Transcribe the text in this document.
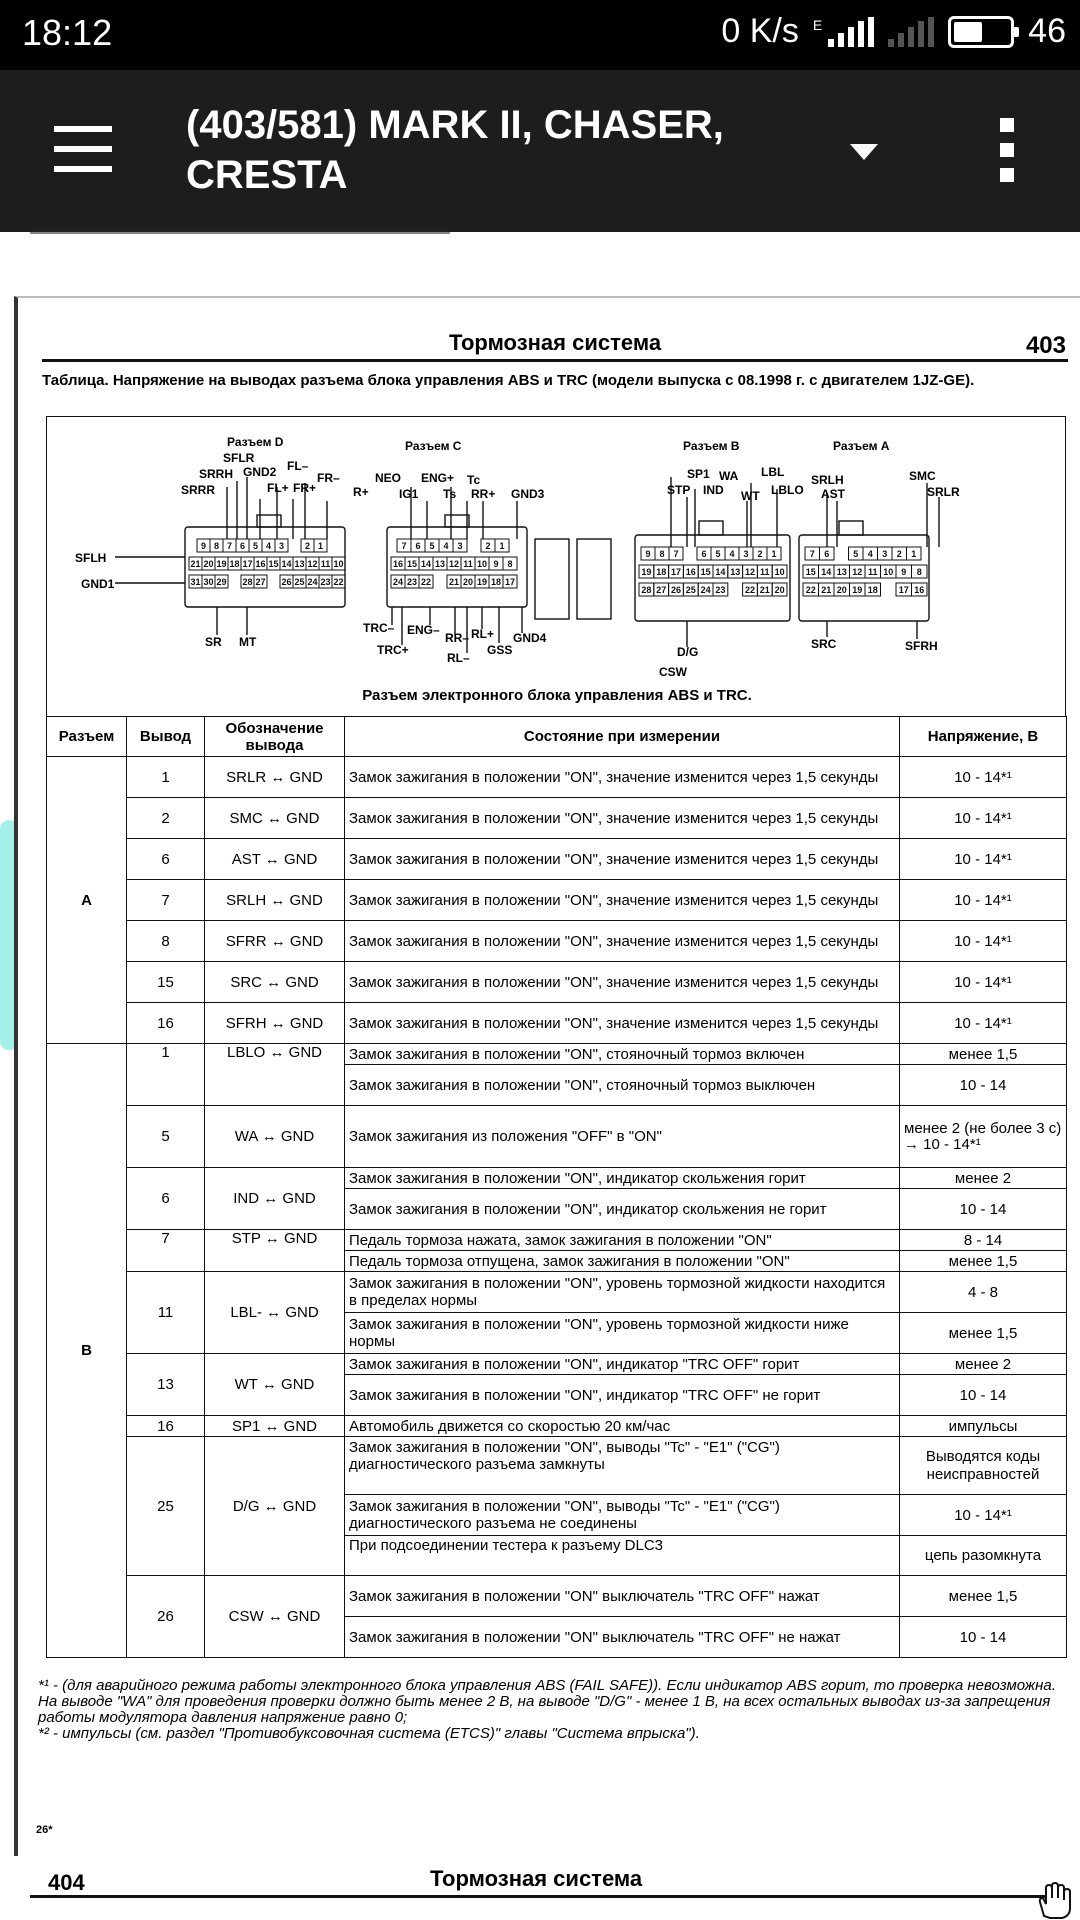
18:12	0 K/s E	46
(403/581) MARK II, CHASER, CRESTA
Тормозная система	403
Таблица. Напряжение на выводах разъема блока управления ABS и TRC (модели выпуска с 08.1998 г. с двигателем 1JZ-GE).
9 8 7 6 5 4 3 2 1
21 20 19 18 17 16 15 14 13 12 11 10
31 30 29 28 27 26 25 24 23 22
7 6 5 4 3	2 1
16 15 14 13 12 11 10 9 8
24 23 22 21 20 19 18 17
9 8 7	6 5 4 3 2 1
19 18 17 16 15 14 13 12 11 10
28 27 26 25 24 23 22 21 20
7 6	5 4 3 2 1
15 14 13 12 11 10 9 8
22 21 20 19 18 17 16
Разъем D	Разъем C	Разъем B	Разъем A
SFLR
SRRH GND2 FL–
SRRR	FL+ FR+
FR–
R+
NEO ENG+ Tc
IG1 Ts RR+ GND3
SP1 WA LBL
STP IND WT LBLO
SRLH
AST
SMC
SRLR
SFLH
GND1
SR MT
TRC–
TRC+
ENG–
RR–
RL–
RL+
GSS
GND4
D/G
CSW
SRC	SFRH
Разъем электронного блока управления ABS и TRC.
Разъем	Вывод	Обозначение вывода	Состояние при измерении	Напряжение, В
A	1	SRLR ↔ GND	Замок зажигания в положении "ON", значение изменится через 1,5 секунды	10 - 14*¹
	2	SMC ↔ GND	Замок зажигания в положении "ON", значение изменится через 1,5 секунды	10 - 14*¹
	6	AST ↔ GND	Замок зажигания в положении "ON", значение изменится через 1,5 секунды	10 - 14*¹
	7	SRLH ↔ GND	Замок зажигания в положении "ON", значение изменится через 1,5 секунды	10 - 14*¹
	8	SFRR ↔ GND	Замок зажигания в положении "ON", значение изменится через 1,5 секунды	10 - 14*¹
	15	SRC ↔ GND	Замок зажигания в положении "ON", значение изменится через 1,5 секунды	10 - 14*¹
	16	SFRH ↔ GND	Замок зажигания в положении "ON", значение изменится через 1,5 секунды	10 - 14*¹
B	1	LBLO ↔ GND	Замок зажигания в положении "ON", стояночный тормоз включен	менее 1,5
			Замок зажигания в положении "ON", стояночный тормоз выключен	10 - 14
	5	WA ↔ GND	Замок зажигания из положения "OFF" в "ON"	менее 2 (не более 3 с) → 10 - 14*¹
	6	IND ↔ GND	Замок зажигания в положении "ON", индикатор скольжения горит	менее 2
			Замок зажигания в положении "ON", индикатор скольжения не горит	10 - 14
	7	STP ↔ GND	Педаль тормоза нажата, замок зажигания в положении "ON"	8 - 14
			Педаль тормоза отпущена, замок зажигания в положении "ON"	менее 1,5
	11	LBL- ↔ GND	Замок зажигания в положении "ON", уровень тормозной жидкости находится в пределах нормы	4 - 8
			Замок зажигания в положении "ON", уровень тормозной жидкости ниже нормы	менее 1,5
	13	WT ↔ GND	Замок зажигания в положении "ON", индикатор "TRC OFF" горит	менее 2
			Замок зажигания в положении "ON", индикатор "TRC OFF" не горит	10 - 14
	16	SP1 ↔ GND	Автомобиль движется со скоростью 20 км/час	импульсы
	25	D/G ↔ GND	Замок зажигания в положении "ON", выводы "Tc" - "E1" ("CG") диагностического разъема замкнуты	Выводятся коды неисправностей
			Замок зажигания в положении "ON", выводы "Tc" - "E1" ("CG") диагностического разъема не соединены	10 - 14*¹
			При подсоединении тестера к разъему DLC3	цепь разомкнута
	26	CSW ↔ GND	Замок зажигания в положении "ON" выключатель "TRC OFF" нажат	менее 1,5
			Замок зажигания в положении "ON" выключатель "TRC OFF" не нажат	10 - 14
*¹ - (для аварийного режима работы электронного блока управления ABS (FAIL SAFE)). Если индикатор ABS горит, то проверка невозможна. На выводе "WA" для проведения проверки должно быть менее 2 В, на выводе "D/G" - менее 1 В, на всех остальных выводах из-за запрещения работы модулятора давления напряжение равно 0;
*² - импульсы (см. раздел "Противобуксовочная система (ETCS)" главы "Система впрыска").
26*
404	Тормозная система
